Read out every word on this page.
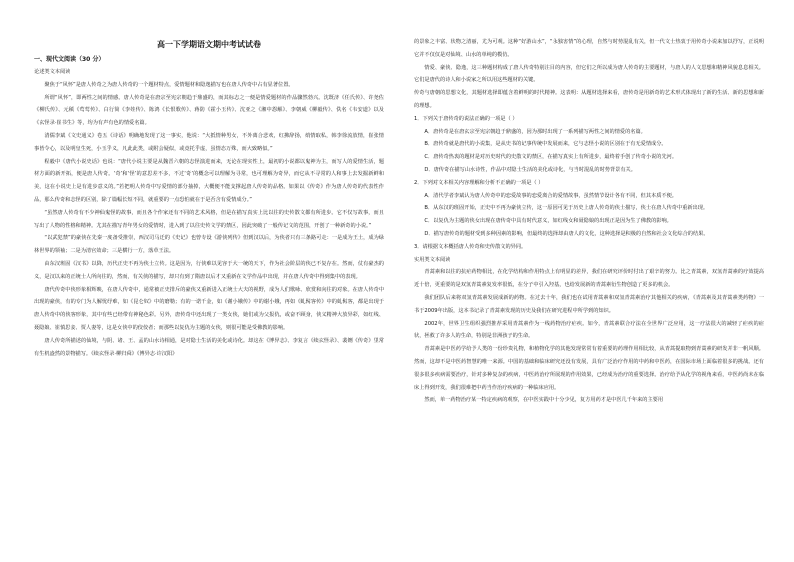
高一下学期语文期中考试试卷

一、现代文阅读（30 分）

论述类文本阅读

聚焦于“风怀”是唐人传奇之为唐人传奇的一个题材特点，爱情题材和隐逸描写也在唐人传奇中占有显著位置。

所谓“风怀”，即两性之间的情感。唐人传奇是在唐宗至宪宗朝趋于鼎盛的，而其标志之一便是情爱题材的作品骤然勃兴。沈既济《任氏传》、许尧佐《柳氏传》、元稹《莺莺传》、白行简《李娃传》、陈鸿《长恨歌传》、蒋防《霍小玉传》、沈亚之《湘中怨解》、李朝威《柳毅传》、佚名《韦安道》以及《玄怪录·崔书生》等，均为有声有色的情爱名篇。

清儒李斌《文史通义》卷五《诗话》明确地发现了这一事实，他说：“大抵情种男女，不外离合悲欢，红拂辞扬，绡情取私，韩李徐流放情，崔张情事皆令心，以及明皇生死，小玉乎义，凡此此类，或附会疑似，或竟托乎虚，虽情态万殊，而大致略似。”

程毅中《唐代小说史话》也说：“唐代小说主要是从魏晋六朝的志怪演进而来，无论在现实性上，最初的小说都以鬼神为主，而写人的爱情生活，题材方面的新开拓，便是唐人传奇。‘奇’和‘怪’的意思差不多，不过‘奇’的概念可以理解为寻常，也可理解为奇异，而它从不寻常的人和事上去发掘新鲜和美，这在小说史上是有进步意义的。”若把明人传奇中写爱情的部分抽掉，大概便不能支撑起唐人传奇的品格。如果以《传奇》作为唐人传奇的代表性作品，那么传奇和志怪的区别，除了篇幅长短不同，就重要的一点恐怕就在于是否含有爱情成分。”

“虽然唐人传奇有不少神仙鬼怪的故事，而且各个作家还有不同的艺术风格，但是在描写真实上比以往的史传散文都有所进步。它不仅写故事，而且写出了人物的性格和精神。尤其在描写青年男女的爱情时，进入到了以往史传文学的禁区，因此突破了一般传记文的范围，开创了一种新奇的小说。”

“以武犯禁”的豪侠在先秦一度备受推崇，西汉司马迁的《史记》也曾专设《游侠列传》但到汉以后，为侠者只有三条路可走：一是成为王土，成为绿林世界的领袖；二是为清官效命；三是横行一方，落草王法。

由东汉班固《汉书》以降，历代正史不再为侠士立传。这是因为，行侠难以见容于大一统的天下，作为社会阶层的侠已不复存在。然而，仗有豪杰的义，是汉以来的正统士人所向往的，然而，有关侠的描写，却只有到了隋唐以后才又重新在文学作品中出现，并在唐人传奇中得到集中的表现。

唐代传奇中侠形象相辉映，在唐人传奇中，通常被正史排斥的豪侠又重新进入正统士大夫的视野，成为人们歌咏、欣赏和向往的对象。在唐人传奇中出现的豪侠，有的专门为人解忧纾难，如《昆仑奴》中的磨勒；有的一诺千金，如《谢小娥传》中的谢小娥，再如《虬髯客传》中的虬髯客，都是出现于唐人传奇中的侠客形象，其中有些已经带有神秘色彩。另外，唐传奇中还出现了一类女侠，她们或为父报仇，或奋不顾身，侠义精神大放异彩，如红线、聂隐娘、崔慎思妾、贾人妻等，这是女侠中的佼佼者；而那些以复仇为主题的女侠，则很可能是受佛教的影响。

唐人传奇所描述的仙境，与阴、诸、王、孟的山水诗相通，是对隐士生活的美化或诗化。却这在《博异志》、李复言《续玄怪录》、裴铏《传奇》里常有生机盎然的景物描写。《续玄怪录·柳归舜》《博异志·许汉阳》

的景象之丰富、状物之清丽，尤为可观。这种“好游山水”，“永独害情”的心理，自然与时势混乱有关，但一代文士热衷于用传奇小说来加以抒写，正说明它并不仅仅是对仙境、山水的单纯的模仿。

情爱、豪侠、隐逸，这三种题材构成了唐人传奇特别注目的内容，但它们之所以成为唐人传奇的主要题材，与唐人的人文思想和精神风貌息息相关。它们是唐代的诗人和小说家之所以用这些题材的关键。

传奇与唐朝的思想文化，其题材选择即蕴含着鲜明的时代精神。这表明：从题材选择来看，唐传奇是用新奇的艺术形式体现出了新的生活、新的思想和新的理想。

1．下列关于唐传奇的说法正确的一项是（ ）

A．唐传奇是在唐玄宗至宪宗朝趋于鼎盛的，因为那时出现了一系列描写两性之间的情爱的名篇。

B．唐传奇就是唐代的小说集，是从史书的记事传统中发展而来，它与志怪小说的区别在于有无爱情成分。

C．唐传奇热衷的题材是对历史时代的史散文的禁区，在描写真实上有所进步，最终着手创了传奇小说的先河。

D．唐传奇在描写山水诗性，作品中对隐士生活的美化或诗化，与当时混乱的时势背景有关。

2．下列对文本相关内容理解和分析不正确的一项是（ ）

A．清代学者李斌认为唐人传奇中的恋爱故事的恋爱离合的爱情故事，虽然情节设计各有不同，但其本质不便。

B．从东汉的班固开始，正史中不再为豪侠立传，这一原因可见于历史上唐人传奇的侠士描写，侠士在唐人传奇中重新出现。

C．以复仇为主题的侠女出现在唐传奇中具有时代意义，如红线女和聂隐娘的出现正是因为生了佛教的影响。

D．描写唐传奇的题材受到多种因素的影响，但最终的选择却由唐人的文化，这种选择是积极的自然和社会文化综合的结果。

3．请根据文本概括唐人传奇和史传散文的异同。

实用类文本阅读

青蒿素和以往的抗疟药物相比，在化学结构和作用特点上有明显的差异，我们在研究评价时付出了艰辛的努力。比之青蒿素，双氢青蒿素的疗效提高近十倍，更重要的是双氢青蒿素复发率很低，在分子中引入羟基，也给发展新的青蒿素衍生物创造了更多的机会。

我们团队后来将双氢青蒿素发展成新的药物。在过去十年，我们也在试用青蒿素和双氢青蒿素治疗其他相关的疾病，《青蒿素及其青蒿素类药物》一书于2009年出版，这本书记录了青蒿素发现的历史及我们在研究进程中所学到的知识。

2002年，世界卫生组织强烈推荐采用青蒿素作为一线药物治疗疟疾。如今，青蒿素联合疗法在全世界广泛应用，这一疗法很大的减轻了疟疾的症状，拯救了许多人的生命，特别是非洲孩子的生命。

青蒿素是中医药学给予人类的一份珍贵礼物，和植物化学的其他发现常常有着重要的药理作用相比较，从青蒿提取物到青蒿素的研发并非一帆风顺。然而，这却不是中医药智慧的唯一来源。中国的基础和临床研究还没有发展，具有广泛治疗作用的中药和中医药，在国际市场上面临着很多的挑战。还有很多很多疾病需要治疗，针对多种复杂的疾病，中医药治疗所展现的作用效果，已经成为治疗的重要选择。治疗给予从化学的视角来看，中医药尚未在临床上得到开发，我们很难把中药当作治疗疾病的一种临床应用。

然而，单一药物治疗某一特定疾病的观察，在中医实践中十分少见，复方用药才是中医几千年来的主要用
